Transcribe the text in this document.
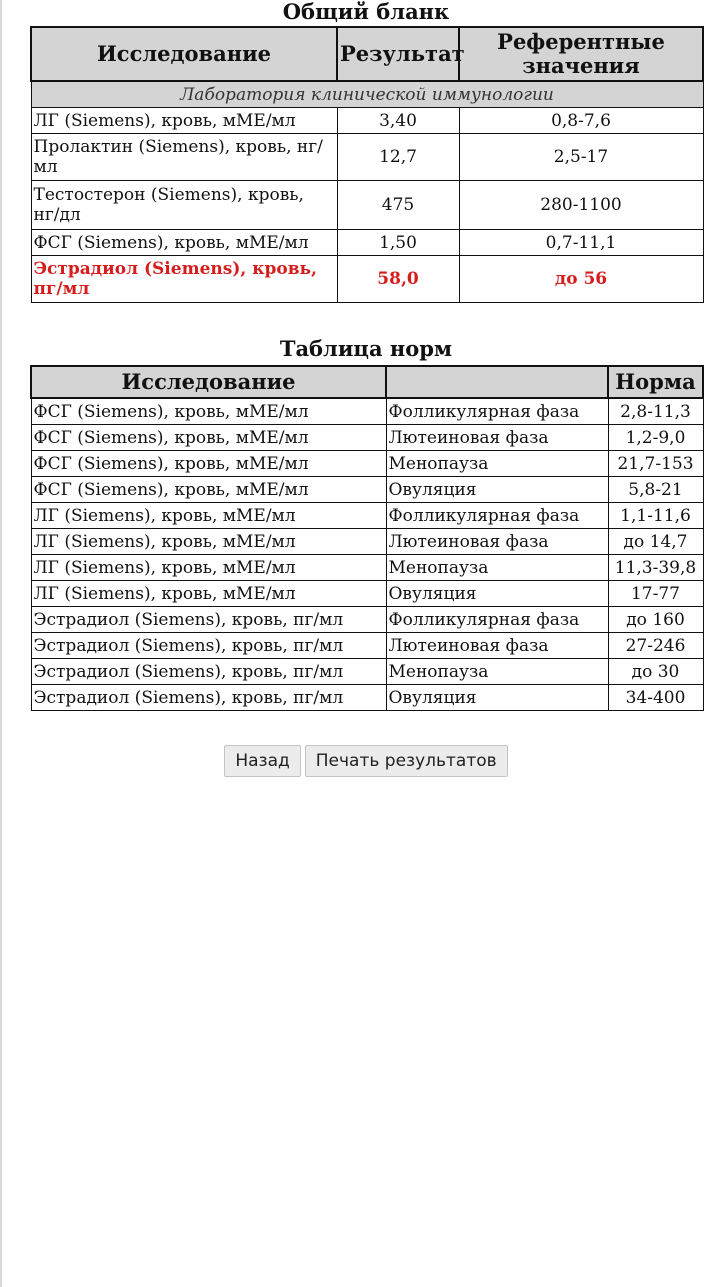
Общий бланк
Исследование	Результат	Референтные значения
Лаборатория клинической иммунологии		
ЛГ (Siemens), кровь, мМЕ/мл	3,40	0,8-7,6
Пролактин (Siemens), кровь, нг/мл	12,7	2,5-17
Тестостерон (Siemens), кровь, нг/дл	475	280-1100
ФСГ (Siemens), кровь, мМЕ/мл	1,50	0,7-11,1
Эстрадиол (Siemens), кровь, пг/мл	58,0	до 56
Таблица норм
Исследование		Норма
ФСГ (Siemens), кровь, мМЕ/мл	Фолликулярная фаза	2,8-11,3
ФСГ (Siemens), кровь, мМЕ/мл	Лютеиновая фаза	1,2-9,0
ФСГ (Siemens), кровь, мМЕ/мл	Менопауза	21,7-153
ФСГ (Siemens), кровь, мМЕ/мл	Овуляция	5,8-21
ЛГ (Siemens), кровь, мМЕ/мл	Фолликулярная фаза	1,1-11,6
ЛГ (Siemens), кровь, мМЕ/мл	Лютеиновая фаза	до 14,7
ЛГ (Siemens), кровь, мМЕ/мл	Менопауза	11,3-39,8
ЛГ (Siemens), кровь, мМЕ/мл	Овуляция	17-77
Эстрадиол (Siemens), кровь, пг/мл	Фолликулярная фаза	до 160
Эстрадиол (Siemens), кровь, пг/мл	Лютеиновая фаза	27-246
Эстрадиол (Siemens), кровь, пг/мл	Менопауза	до 30
Эстрадиол (Siemens), кровь, пг/мл	Овуляция	34-400
Назад Печать результатов
